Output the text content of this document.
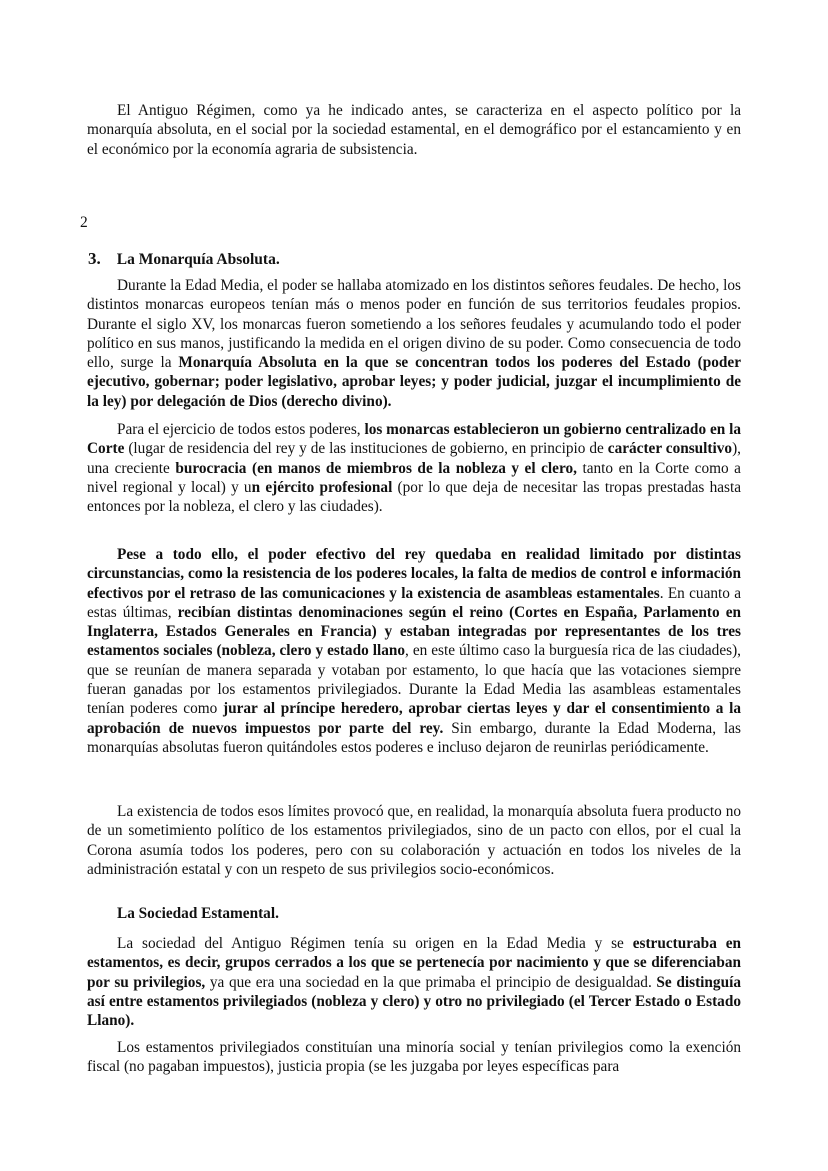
El Antiguo Régimen, como ya he indicado antes, se caracteriza en el aspecto político por la monarquía absoluta, en el social por la sociedad estamental, en el demográfico por el estancamiento y en el económico por la economía agraria de subsistencia.

2
3. La Monarquía Absoluta.

Durante la Edad Media, el poder se hallaba atomizado en los distintos señores feudales. De hecho, los distintos monarcas europeos tenían más o menos poder en función de sus territorios feudales propios. Durante el siglo XV, los monarcas fueron sometiendo a los señores feudales y acumulando todo el poder político en sus manos, justificando la medida en el origen divino de su poder. Como consecuencia de todo ello, surge la Monarquía Absoluta en la que se concentran todos los poderes del Estado (poder ejecutivo, gobernar; poder legislativo, aprobar leyes; y poder judicial, juzgar el incumplimiento de la ley) por delegación de Dios (derecho divino).

Para el ejercicio de todos estos poderes, los monarcas establecieron un gobierno centralizado en la Corte (lugar de residencia del rey y de las instituciones de gobierno, en principio de carácter consultivo), una creciente burocracia (en manos de miembros de la nobleza y el clero, tanto en la Corte como a nivel regional y local) y un ejército profesional (por lo que deja de necesitar las tropas prestadas hasta entonces por la nobleza, el clero y las ciudades).

Pese a todo ello, el poder efectivo del rey quedaba en realidad limitado por distintas circunstancias, como la resistencia de los poderes locales, la falta de medios de control e información efectivos por el retraso de las comunicaciones y la existencia de asambleas estamentales. En cuanto a estas últimas, recibían distintas denominaciones según el reino (Cortes en España, Parlamento en Inglaterra, Estados Generales en Francia) y estaban integradas por representantes de los tres estamentos sociales (nobleza, clero y estado llano, en este último caso la burguesía rica de las ciudades), que se reunían de manera separada y votaban por estamento, lo que hacía que las votaciones siempre fueran ganadas por los estamentos privilegiados. Durante la Edad Media las asambleas estamentales tenían poderes como jurar al príncipe heredero, aprobar ciertas leyes y dar el consentimiento a la aprobación de nuevos impuestos por parte del rey. Sin embargo, durante la Edad Moderna, las monarquías absolutas fueron quitándoles estos poderes e incluso dejaron de reunirlas periódicamente.

La existencia de todos esos límites provocó que, en realidad, la monarquía absoluta fuera producto no de un sometimiento político de los estamentos privilegiados, sino de un pacto con ellos, por el cual la Corona asumía todos los poderes, pero con su colaboración y actuación en todos los niveles de la administración estatal y con un respeto de sus privilegios socio-económicos.

La Sociedad Estamental.

La sociedad del Antiguo Régimen tenía su origen en la Edad Media y se estructuraba en estamentos, es decir, grupos cerrados a los que se pertenecía por nacimiento y que se diferenciaban por su privilegios, ya que era una sociedad en la que primaba el principio de desigualdad. Se distinguía así entre estamentos privilegiados (nobleza y clero) y otro no privilegiado (el Tercer Estado o Estado Llano).

Los estamentos privilegiados constituían una minoría social y tenían privilegios como la exención fiscal (no pagaban impuestos), justicia propia (se les juzgaba por leyes específicas para
